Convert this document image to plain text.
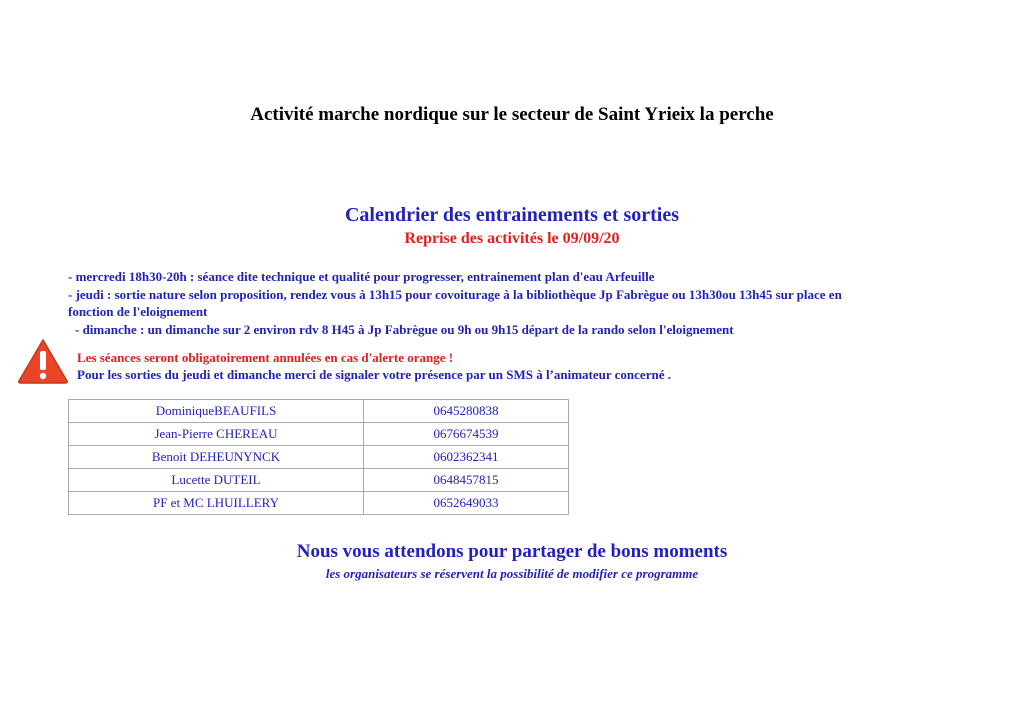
Activité marche nordique sur le secteur de Saint Yrieix la perche
Calendrier des entrainements et sorties
Reprise des activités le 09/09/20
- mercredi 18h30-20h : séance dite technique et qualité pour progresser, entrainement plan d'eau Arfeuille
- jeudi : sortie nature selon proposition, rendez vous à 13h15 pour covoiturage à la bibliothèque Jp Fabrègue ou 13h30ou 13h45 sur place en
fonction de l'eloignement
- dimanche : un dimanche sur 2 environ rdv 8 H45 à Jp Fabrègue ou 9h ou 9h15 départ de la rando selon l'eloignement
Les séances seront obligatoirement annulées en cas d'alerte orange !
Pour les sorties du jeudi et dimanche merci de signaler votre présence par un SMS à l’animateur concerné .
DominiqueBEAUFILS	0645280838
Jean-Pierre CHEREAU	0676674539
Benoit DEHEUNYNCK	0602362341
Lucette DUTEIL	0648457815
PF et MC LHUILLERY	0652649033
Nous vous attendons pour partager de bons moments
les organisateurs se réservent la possibilité de modifier ce programme
